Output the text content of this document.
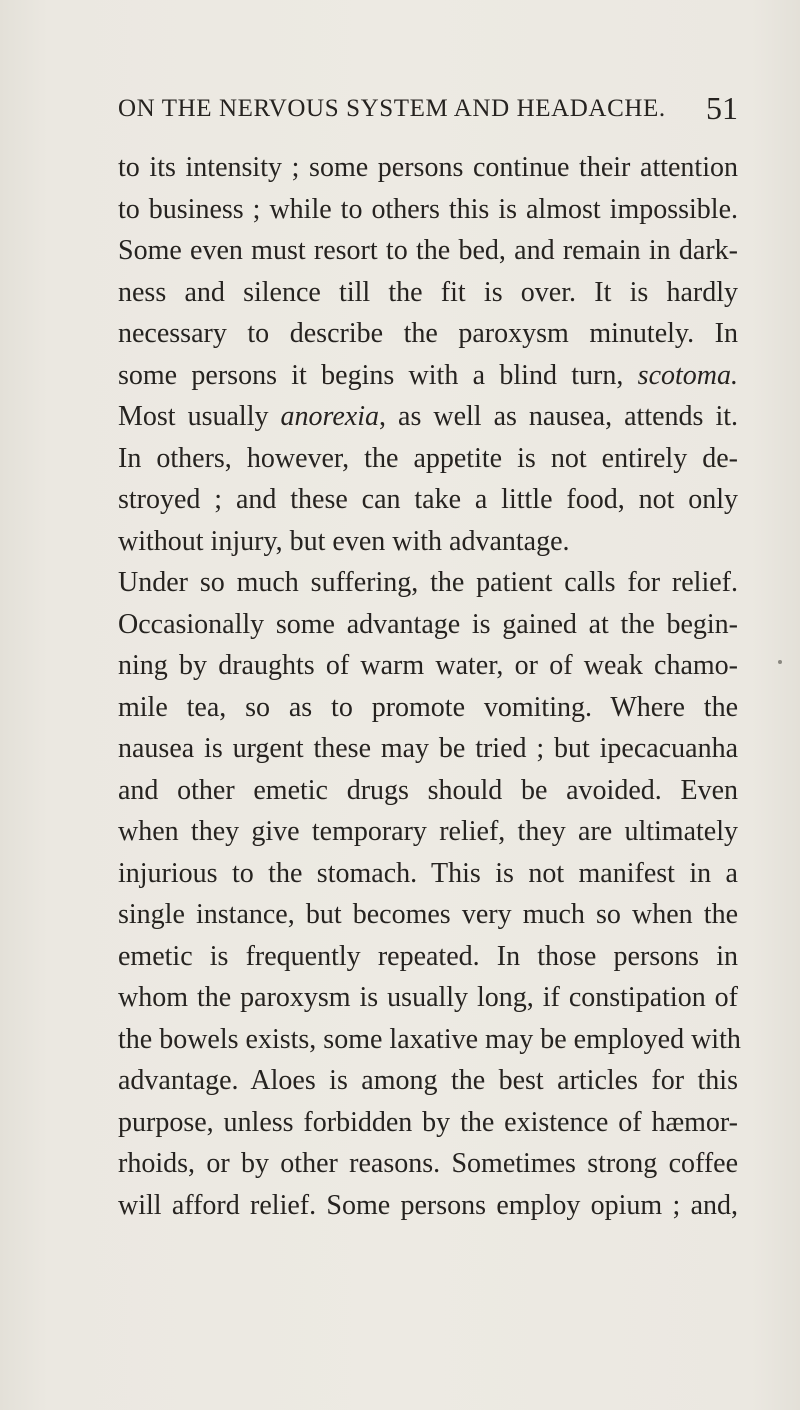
ON THE NERVOUS SYSTEM AND HEADACHE. 51
to its intensity ; some persons continue their attention
to business ; while to others this is almost impossible.
Some even must resort to the bed, and remain in dark-
ness and silence till the fit is over. It is hardly
necessary to describe the paroxysm minutely. In
some persons it begins with a blind turn, scotoma.
Most usually anorexia, as well as nausea, attends it.
In others, however, the appetite is not entirely de-
stroyed ; and these can take a little food, not only
without injury, but even with advantage.
Under so much suffering, the patient calls for relief.
Occasionally some advantage is gained at the begin-
ning by draughts of warm water, or of weak chamo-
mile tea, so as to promote vomiting. Where the
nausea is urgent these may be tried ; but ipecacuanha
and other emetic drugs should be avoided. Even
when they give temporary relief, they are ultimately
injurious to the stomach. This is not manifest in a
single instance, but becomes very much so when the
emetic is frequently repeated. In those persons in
whom the paroxysm is usually long, if constipation of
the bowels exists, some laxative may be employed with
advantage. Aloes is among the best articles for this
purpose, unless forbidden by the existence of hæmor-
rhoids, or by other reasons. Sometimes strong coffee
will afford relief. Some persons employ opium ; and,
